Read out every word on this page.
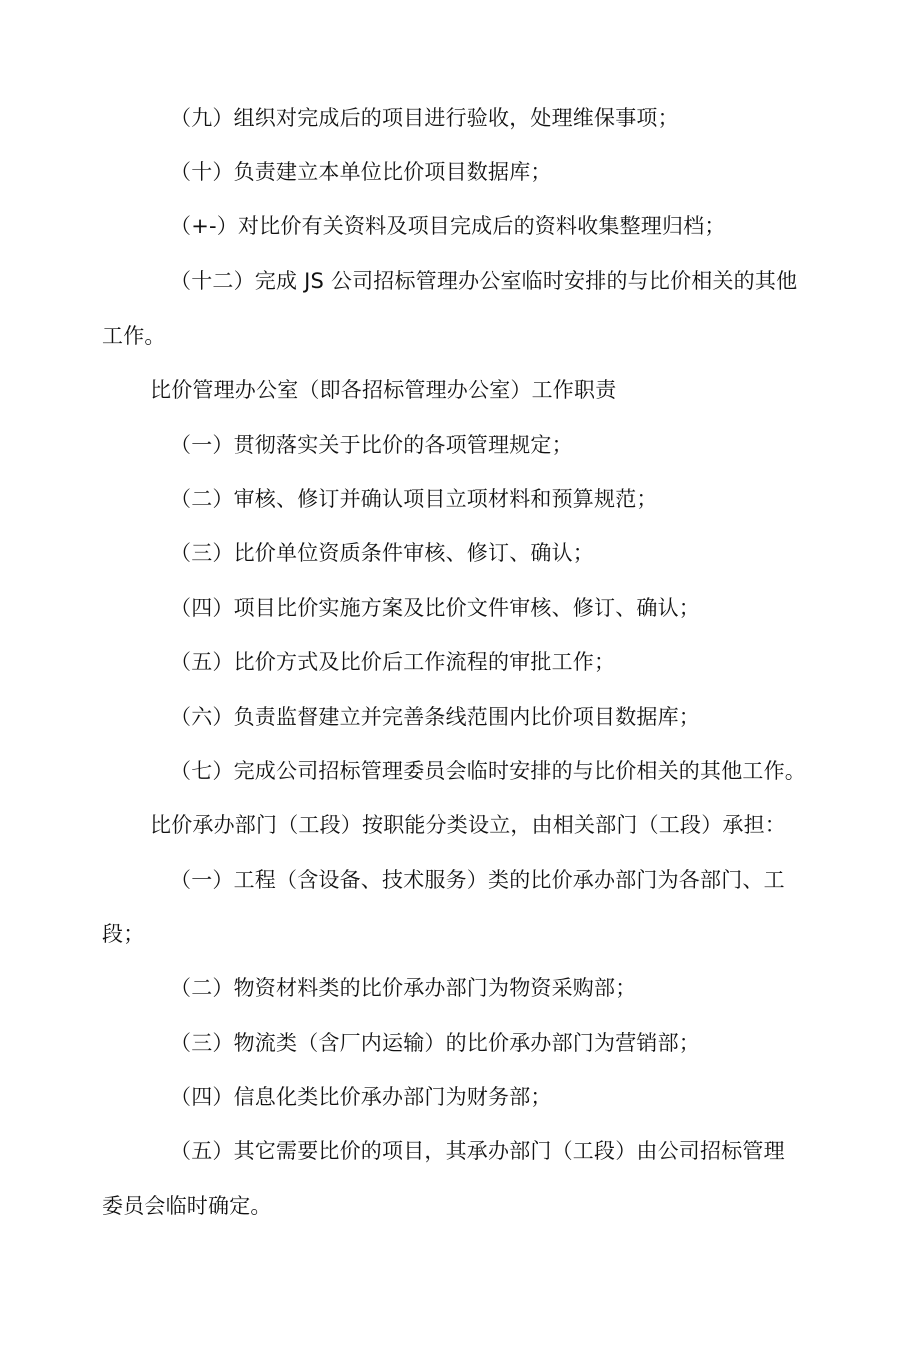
（九）组织对完成后的项目进行验收，处理维保事项；
（十）负责建立本单位比价项目数据库；
（+-）对比价有关资料及项目完成后的资料收集整理归档；
（十二）完成 JS 公司招标管理办公室临时安排的与比价相关的其他
工作。
比价管理办公室（即各招标管理办公室）工作职责
（一）贯彻落实关于比价的各项管理规定；
（二）审核、修订并确认项目立项材料和预算规范；
（三）比价单位资质条件审核、修订、确认；
（四）项目比价实施方案及比价文件审核、修订、确认；
（五）比价方式及比价后工作流程的审批工作；
（六）负责监督建立并完善条线范围内比价项目数据库；
（七）完成公司招标管理委员会临时安排的与比价相关的其他工作。
比价承办部门（工段）按职能分类设立，由相关部门（工段）承担：
（一）工程（含设备、技术服务）类的比价承办部门为各部门、工
段；
（二）物资材料类的比价承办部门为物资采购部；
（三）物流类（含厂内运输）的比价承办部门为营销部；
（四）信息化类比价承办部门为财务部；
（五）其它需要比价的项目，其承办部门（工段）由公司招标管理
委员会临时确定。
